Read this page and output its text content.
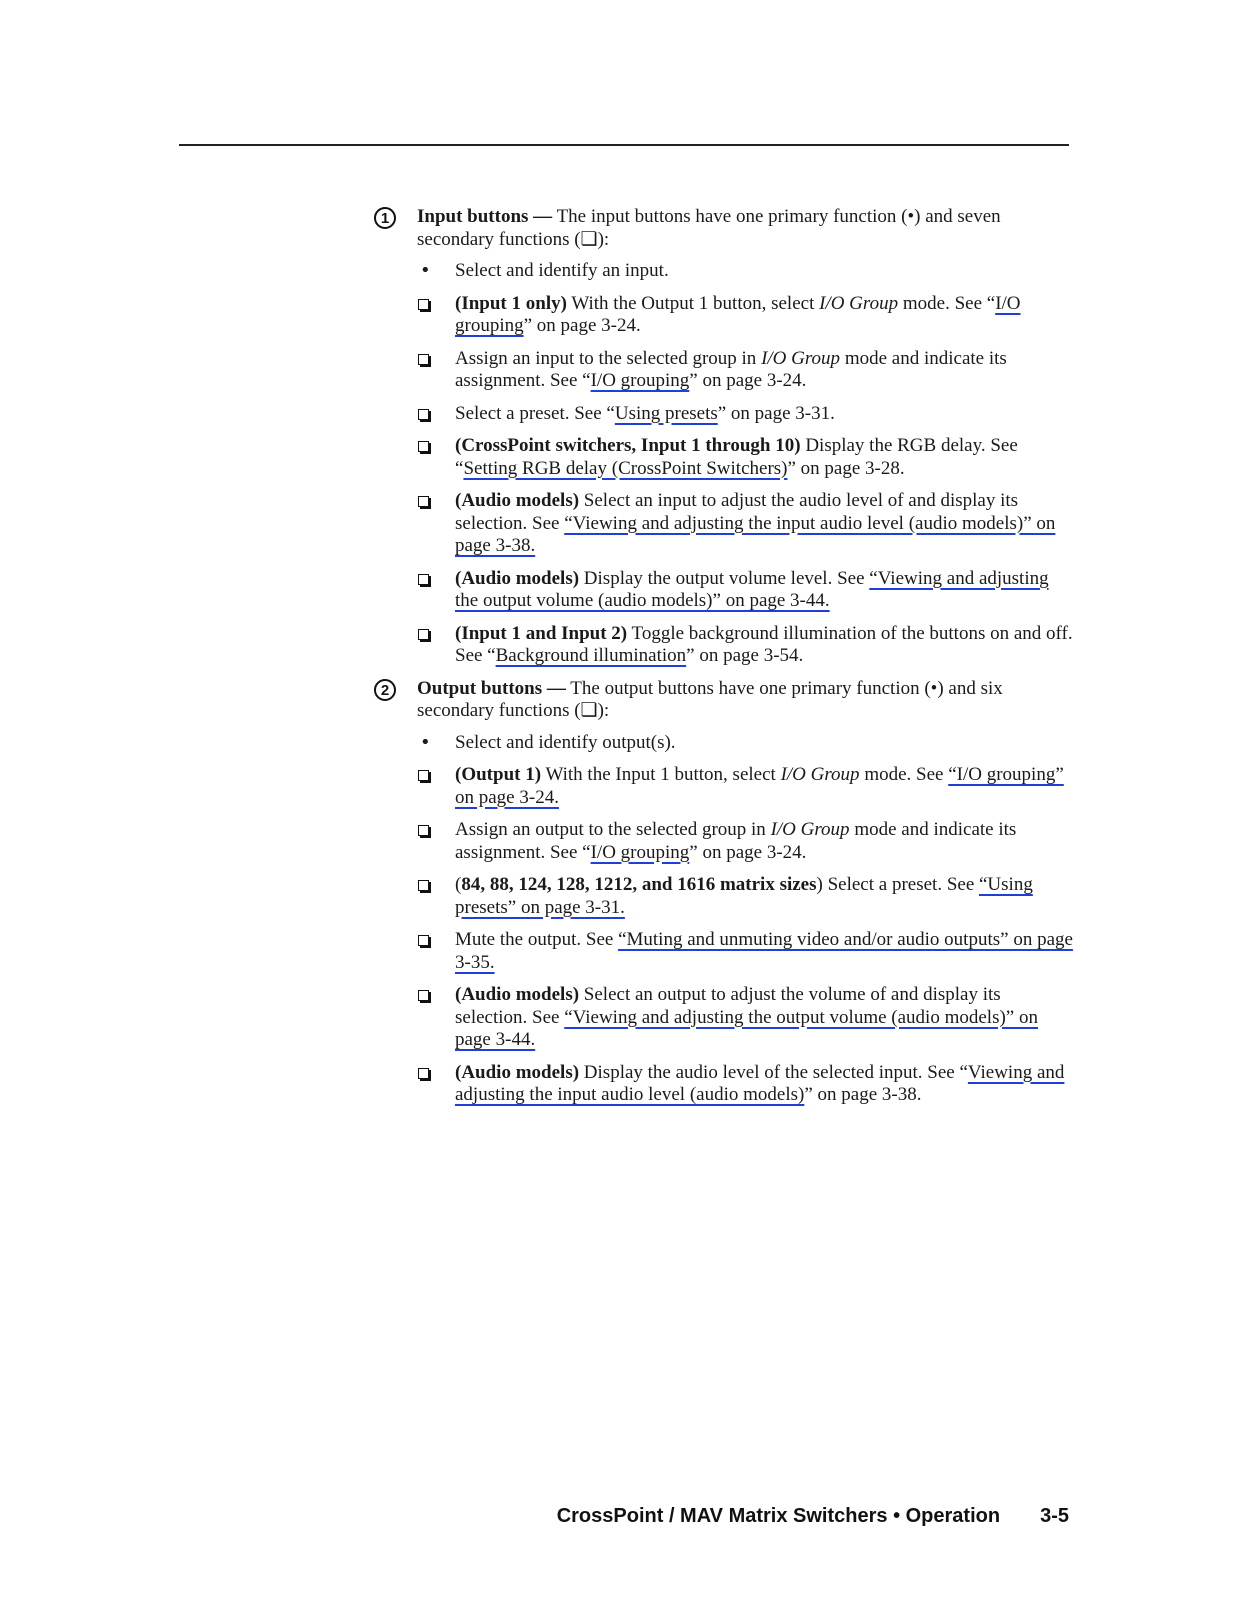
1	Input buttons — The input buttons have one primary function (•) and seven secondary functions (❏):

• Select and identify an input.
(Input 1 only) With the Output 1 button, select I/O Group mode. See “I/O grouping” on page 3-24.
Assign an input to the selected group in I/O Group mode and indicate its assignment. See “I/O grouping” on page 3-24.
Select a preset. See “Using presets” on page 3-31.
(CrossPoint switchers, Input 1 through 10) Display the RGB delay. See “Setting RGB delay (CrossPoint Switchers)” on page 3-28.
(Audio models) Select an input to adjust the audio level of and display its selection. See “Viewing and adjusting the input audio level (audio models)” on page 3-38.
(Audio models) Display the output volume level. See “Viewing and adjusting the output volume (audio models)” on page 3-44.
(Input 1 and Input 2) Toggle background illumination of the buttons on and off. See “Background illumination” on page 3-54.
2	Output buttons — The output buttons have one primary function (•) and six secondary functions (❏):

• Select and identify output(s).
(Output 1) With the Input 1 button, select I/O Group mode. See “I/O grouping” on page 3-24.
Assign an output to the selected group in I/O Group mode and indicate its assignment. See “I/O grouping” on page 3-24.
(84, 88, 124, 128, 1212, and 1616 matrix sizes) Select a preset. See “Using presets” on page 3-31.
Mute the output. See “Muting and unmuting video and/or audio outputs” on page 3-35.
(Audio models) Select an output to adjust the volume of and display its selection. See “Viewing and adjusting the output volume (audio models)” on page 3-44.
(Audio models) Display the audio level of the selected input. See “Viewing and adjusting the input audio level (audio models)” on page 3-38.
CrossPoint / MAV Matrix Switchers • Operation 3-5
